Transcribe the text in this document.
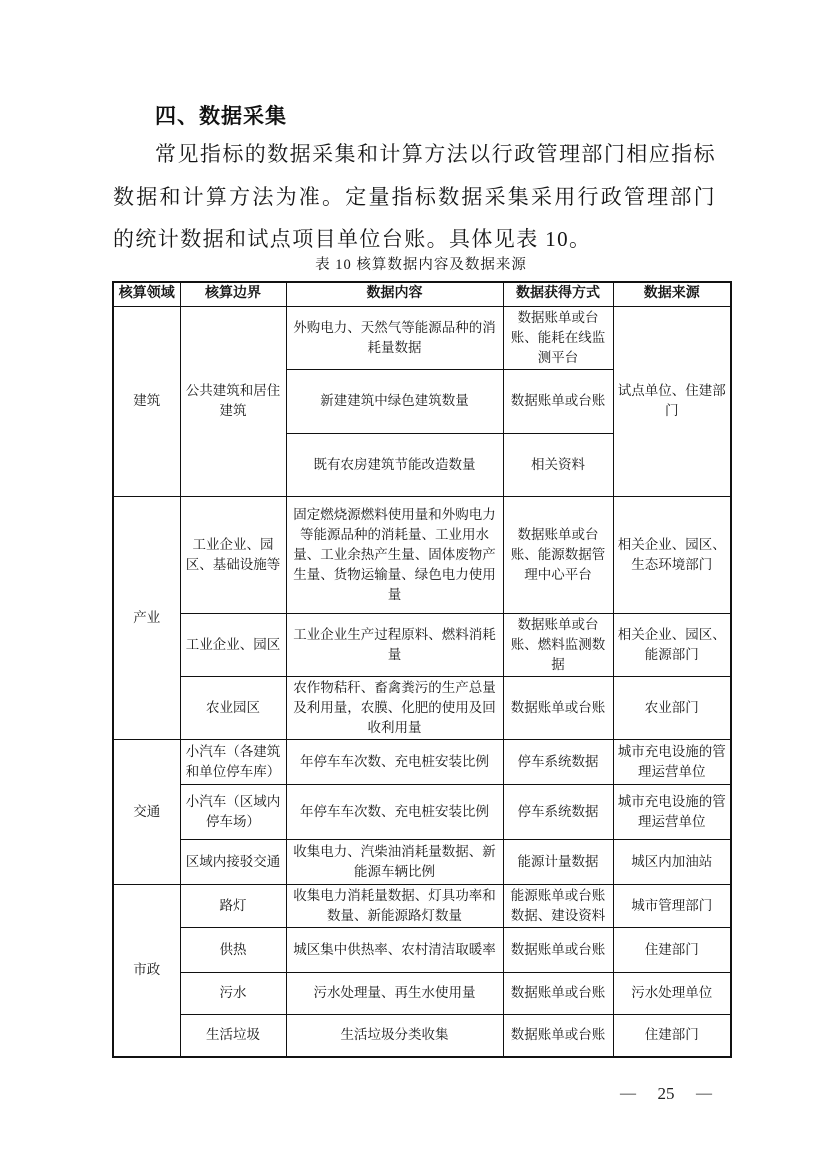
四、数据采集

常见指标的数据采集和计算方法以行政管理部门相应指标数据和计算方法为准。定量指标数据采集采用行政管理部门的统计数据和试点项目单位台账。具体见表 10。

表 10 核算数据内容及数据来源
核算领域	核算边界	数据内容	数据获得方式	数据来源
建筑	公共建筑和居住建筑	外购电力、天然气等能源品种的消耗量数据	数据账单或台账、能耗在线监测平台	试点单位、住建部门
		新建建筑中绿色建筑数量	数据账单或台账	
		既有农房建筑节能改造数量	相关资料	
产业	工业企业、园区、基础设施等	固定燃烧源燃料使用量和外购电力等能源品种的消耗量、工业用水量、工业余热产生量、固体废物产生量、货物运输量、绿色电力使用量	数据账单或台账、能源数据管理中心平台	相关企业、园区、生态环境部门
	工业企业、园区	工业企业生产过程原料、燃料消耗量	数据账单或台账、燃料监测数据	相关企业、园区、能源部门
	农业园区	农作物秸秆、畜禽粪污的生产总量及利用量，农膜、化肥的使用及回收利用量	数据账单或台账	农业部门
交通	小汽车（各建筑和单位停车库）	年停车车次数、充电桩安装比例	停车系统数据	城市充电设施的管理运营单位
	小汽车（区域内停车场）	年停车车次数、充电桩安装比例	停车系统数据	城市充电设施的管理运营单位
	区域内接驳交通	收集电力、汽柴油消耗量数据、新能源车辆比例	能源计量数据	城区内加油站
市政	路灯	收集电力消耗量数据、灯具功率和数量、新能源路灯数量	能源账单或台账数据、建设资料	城市管理部门
	供热	城区集中供热率、农村清洁取暖率	数据账单或台账	住建部门
	污水	污水处理量、再生水使用量	数据账单或台账	污水处理单位
	生活垃圾	生活垃圾分类收集	数据账单或台账	住建部门
— 25 —
